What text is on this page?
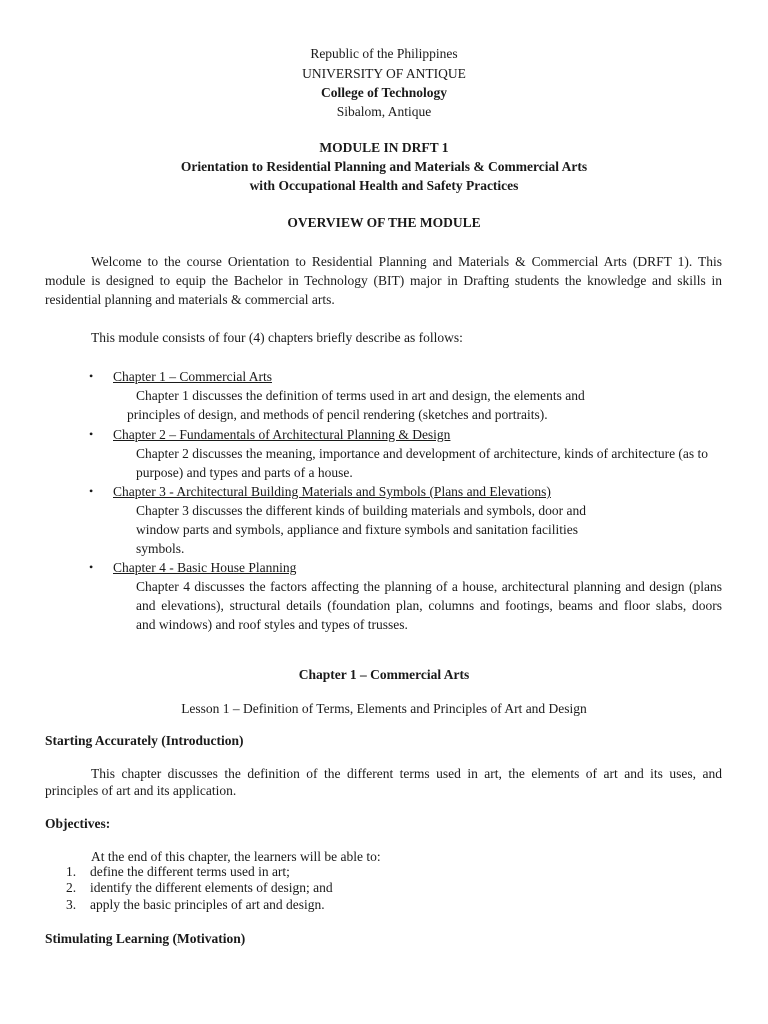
Republic of the Philippines
UNIVERSITY OF ANTIQUE
College of Technology
Sibalom, Antique
MODULE IN DRFT 1
Orientation to Residential Planning and Materials & Commercial Arts
with Occupational Health and Safety Practices
OVERVIEW OF THE MODULE
Welcome to the course Orientation to Residential Planning and Materials & Commercial Arts (DRFT 1). This
module is designed to equip the Bachelor in Technology (BIT) major in Drafting students the knowledge and skills in
residential planning and materials & commercial arts.
This module consists of four (4) chapters briefly describe as follows:
• Chapter 1 – Commercial Arts
Chapter 1 discusses the definition of terms used in art and design, the elements and
principles of design, and methods of pencil rendering (sketches and portraits).
• Chapter 2 – Fundamentals of Architectural Planning & Design
Chapter 2 discusses the meaning, importance and development of architecture, kinds of architecture (as to
purpose) and types and parts of a house.
• Chapter 3 - Architectural Building Materials and Symbols (Plans and Elevations)
Chapter 3 discusses the different kinds of building materials and symbols, door and
window parts and symbols, appliance and fixture symbols and sanitation facilities
symbols.
• Chapter 4 - Basic House Planning
Chapter 4 discusses the factors affecting the planning of a house, architectural planning and design (plans
and elevations), structural details (foundation plan, columns and footings, beams and floor slabs, doors
and windows) and roof styles and types of trusses.
Chapter 1 – Commercial Arts
Lesson 1 – Definition of Terms, Elements and Principles of Art and Design
Starting Accurately (Introduction)
This chapter discusses the definition of the different terms used in art, the elements of art and its uses, and
principles of art and its application.
Objectives:
At the end of this chapter, the learners will be able to:
1. define the different terms used in art;
2. identify the different elements of design; and
3. apply the basic principles of art and design.
Stimulating Learning (Motivation)
